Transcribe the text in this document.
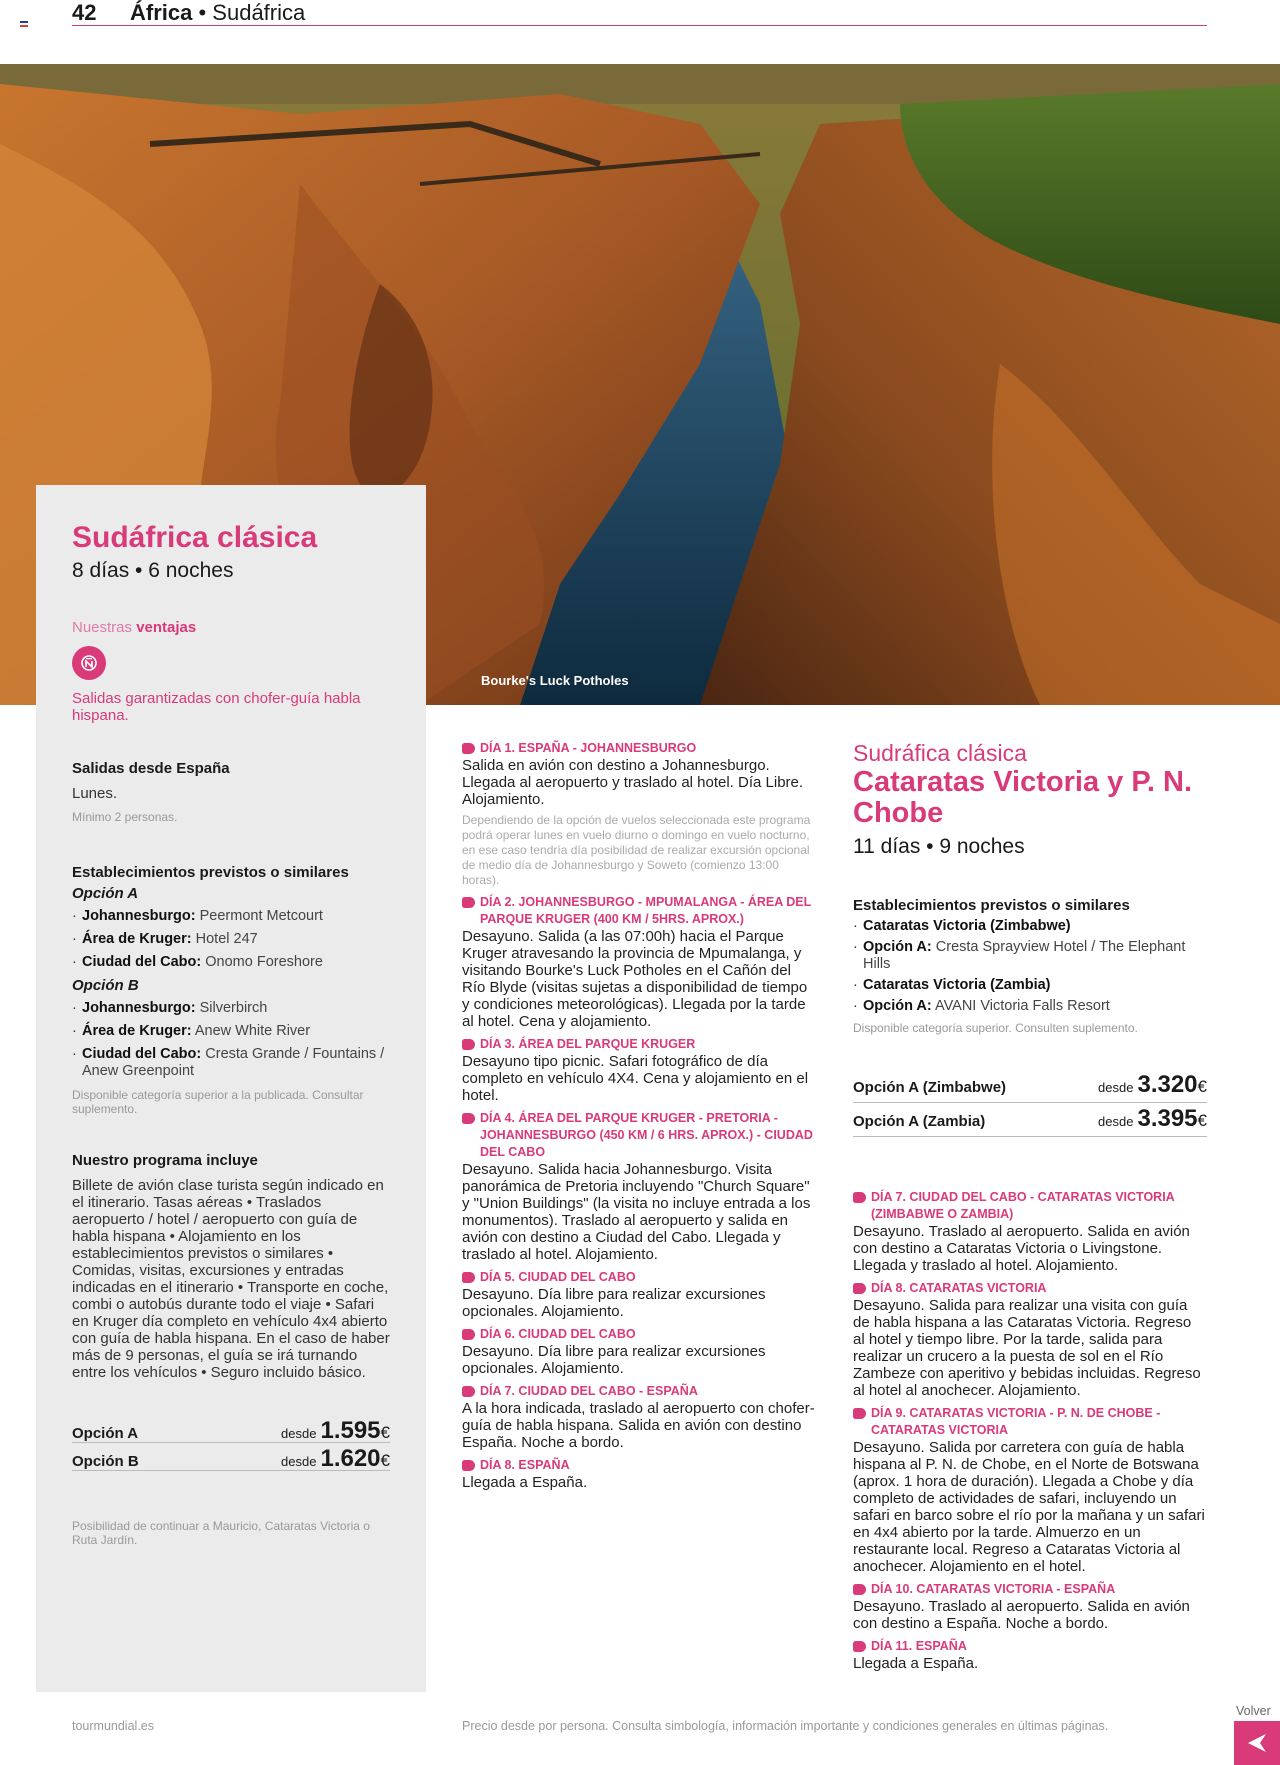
42 África • Sudáfrica
Bourke's Luck Potholes
Sudáfrica clásica
8 días • 6 noches
Nuestras ventajas
Salidas garantizadas con chofer-guía habla hispana.
Salidas desde España
Lunes.
Mínimo 2 personas.
Establecimientos previstos o similares
Opción A
· Johannesburgo: Peermont Metcourt
· Área de Kruger: Hotel 247
· Ciudad del Cabo: Onomo Foreshore
Opción B
· Johannesburgo: Silverbirch
· Área de Kruger: Anew White River
· Ciudad del Cabo: Cresta Grande / Fountains / Anew Greenpoint
Disponible categoría superior a la publicada. Consultar suplemento.
Nuestro programa incluye
Billete de avión clase turista según indicado en el itinerario. Tasas aéreas • Traslados aeropuerto / hotel / aeropuerto con guía de habla hispana • Alojamiento en los establecimientos previstos o similares • Comidas, visitas, excursiones y entradas indicadas en el itinerario • Transporte en coche, combi o autobús durante todo el viaje • Safari en Kruger día completo en vehículo 4x4 abierto con guía de habla hispana. En el caso de haber más de 9 personas, el guía se irá turnando entre los vehículos • Seguro incluido básico.
Opción A	desde 1.595 €
Opción B	desde 1.620 €
Posibilidad de continuar a Mauricio, Cataratas Victoria o Ruta Jardín.
DÍA 1. ESPAÑA - JOHANNESBURGO
Salida en avión con destino a Johannesburgo. Llegada al aeropuerto y traslado al hotel. Día Libre. Alojamiento.
Dependiendo de la opción de vuelos seleccionada este programa podrá operar lunes en vuelo diurno o domingo en vuelo nocturno, en ese caso tendría día posibilidad de realizar excursión opcional de medio día de Johannesburgo y Soweto (comienzo 13:00 horas).
DÍA 2. JOHANNESBURGO - MPUMALANGA - ÁREA DEL PARQUE KRUGER (400 KM / 5HRS. APROX.)
Desayuno. Salida (a las 07:00h) hacia el Parque Kruger atravesando la provincia de Mpumalanga, y visitando Bourke's Luck Potholes en el Cañón del Río Blyde (visitas sujetas a disponibilidad de tiempo y condiciones meteorológicas). Llegada por la tarde al hotel. Cena y alojamiento.
DÍA 3. ÁREA DEL PARQUE KRUGER
Desayuno tipo picnic. Safari fotográfico de día completo en vehículo 4X4. Cena y alojamiento en el hotel.
DÍA 4. ÁREA DEL PARQUE KRUGER - PRETORIA - JOHANNESBURGO (450 KM / 6 HRS. APROX.) - CIUDAD DEL CABO
Desayuno. Salida hacia Johannesburgo. Visita panorámica de Pretoria incluyendo "Church Square" y "Union Buildings" (la visita no incluye entrada a los monumentos). Traslado al aeropuerto y salida en avión con destino a Ciudad del Cabo. Llegada y traslado al hotel. Alojamiento.
DÍA 5. CIUDAD DEL CABO
Desayuno. Día libre para realizar excursiones opcionales. Alojamiento.
DÍA 6. CIUDAD DEL CABO
Desayuno. Día libre para realizar excursiones opcionales. Alojamiento.
DÍA 7. CIUDAD DEL CABO - ESPAÑA
A la hora indicada, traslado al aeropuerto con chofer-guía de habla hispana. Salida en avión con destino España. Noche a bordo.
DÍA 8. ESPAÑA
Llegada a España.
Sudráfica clásica
Cataratas Victoria y P. N. Chobe
11 días • 9 noches
Establecimientos previstos o similares
· Cataratas Victoria (Zimbabwe)
· Opción A: Cresta Sprayview Hotel / The Elephant Hills
· Cataratas Victoria (Zambia)
· Opción A: AVANI Victoria Falls Resort
Disponible categoría superior. Consulten suplemento.
Opción A (Zimbabwe)	desde 3.320 €
Opción A (Zambia)	desde 3.395 €
DÍA 7. CIUDAD DEL CABO - CATARATAS VICTORIA (ZIMBABWE O ZAMBIA)
Desayuno. Traslado al aeropuerto. Salida en avión con destino a Cataratas Victoria o Livingstone. Llegada y traslado al hotel. Alojamiento.
DÍA 8. CATARATAS VICTORIA
Desayuno. Salida para realizar una visita con guía de habla hispana a las Cataratas Victoria. Regreso al hotel y tiempo libre. Por la tarde, salida para realizar un crucero a la puesta de sol en el Río Zambeze con aperitivo y bebidas incluidas. Regreso al hotel al anochecer. Alojamiento.
DÍA 9. CATARATAS VICTORIA - P. N. DE CHOBE - CATARATAS VICTORIA
Desayuno. Salida por carretera con guía de habla hispana al P. N. de Chobe, en el Norte de Botswana (aprox. 1 hora de duración). Llegada a Chobe y día completo de actividades de safari, incluyendo un safari en barco sobre el río por la mañana y un safari en 4x4 abierto por la tarde. Almuerzo en un restaurante local. Regreso a Cataratas Victoria al anochecer. Alojamiento en el hotel.
DÍA 10. CATARATAS VICTORIA - ESPAÑA
Desayuno. Traslado al aeropuerto. Salida en avión con destino a España. Noche a bordo.
DÍA 11. ESPAÑA
Llegada a España.
tourmundial.es	Precio desde por persona. Consulta simbología, información importante y condiciones generales en últimas páginas.
Volver
